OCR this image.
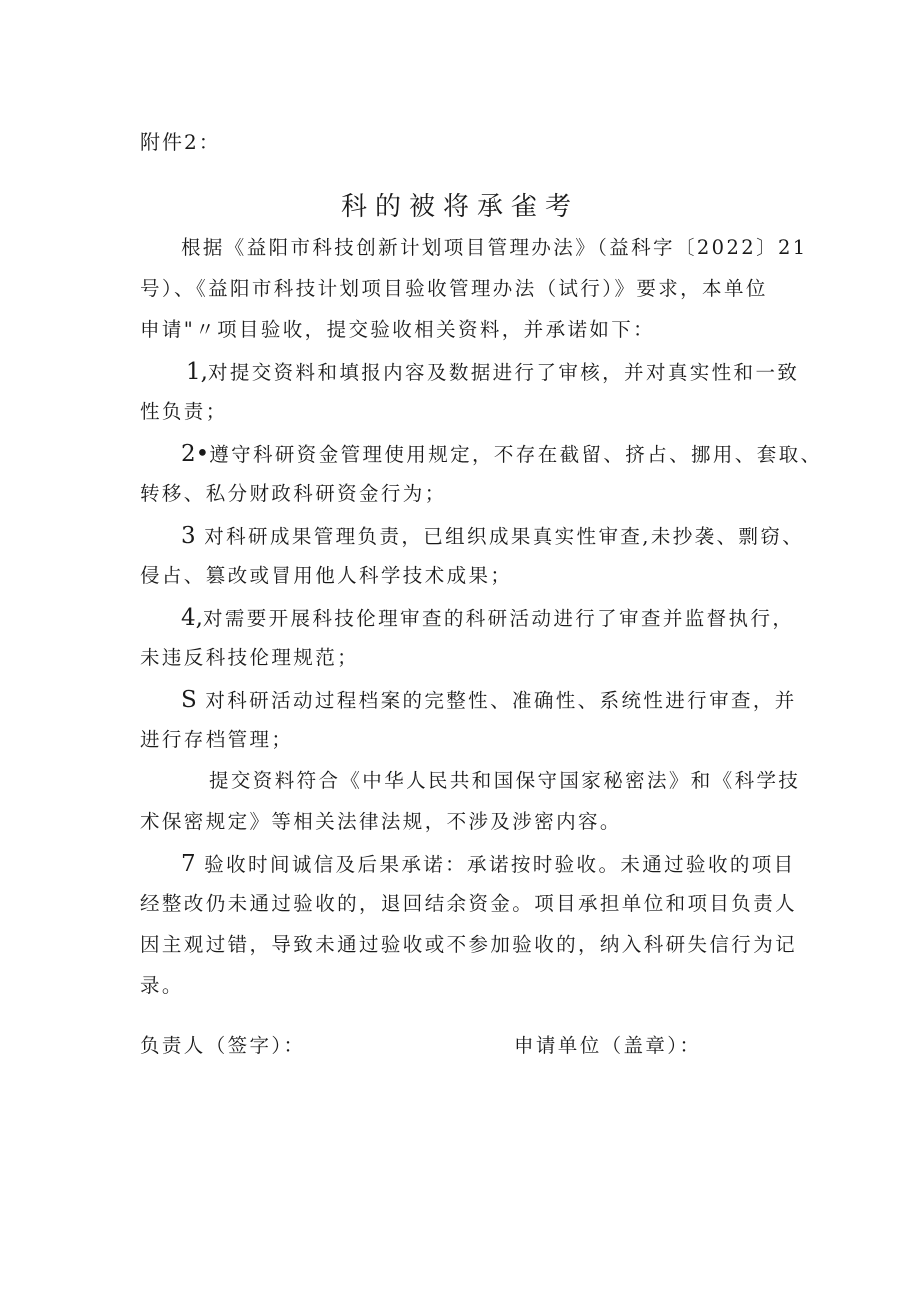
附件2：
科的被将承雀考
根据《益阳市科技创新计划项目管理办法》（益科字〔2022〕21
号）、《益阳市科技计划项目验收管理办法（试行）》要求，本单位
申请"〃项目验收，提交验收相关资料，并承诺如下：
1,对提交资料和填报内容及数据进行了审核，并对真实性和一致
性负责；
2•遵守科研资金管理使用规定，不存在截留、挤占、挪用、套取、
转移、私分财政科研资金行为；
3 对科研成果管理负责，已组织成果真实性审查,未抄袭、剽窃、
侵占、篡改或冒用他人科学技术成果；
4,对需要开展科技伦理审查的科研活动进行了审查并监督执行，
未违反科技伦理规范；
S 对科研活动过程档案的完整性、准确性、系统性进行审查，并
进行存档管理；
提交资料符合《中华人民共和国保守国家秘密法》和《科学技
术保密规定》等相关法律法规，不涉及涉密内容。
7 验收时间诚信及后果承诺：承诺按时验收。未通过验收的项目
经整改仍未通过验收的，退回结余资金。项目承担单位和项目负责人
因主观过错，导致未通过验收或不参加验收的，纳入科研失信行为记
录。
负责人（签字）：	申请单位（盖章）：
